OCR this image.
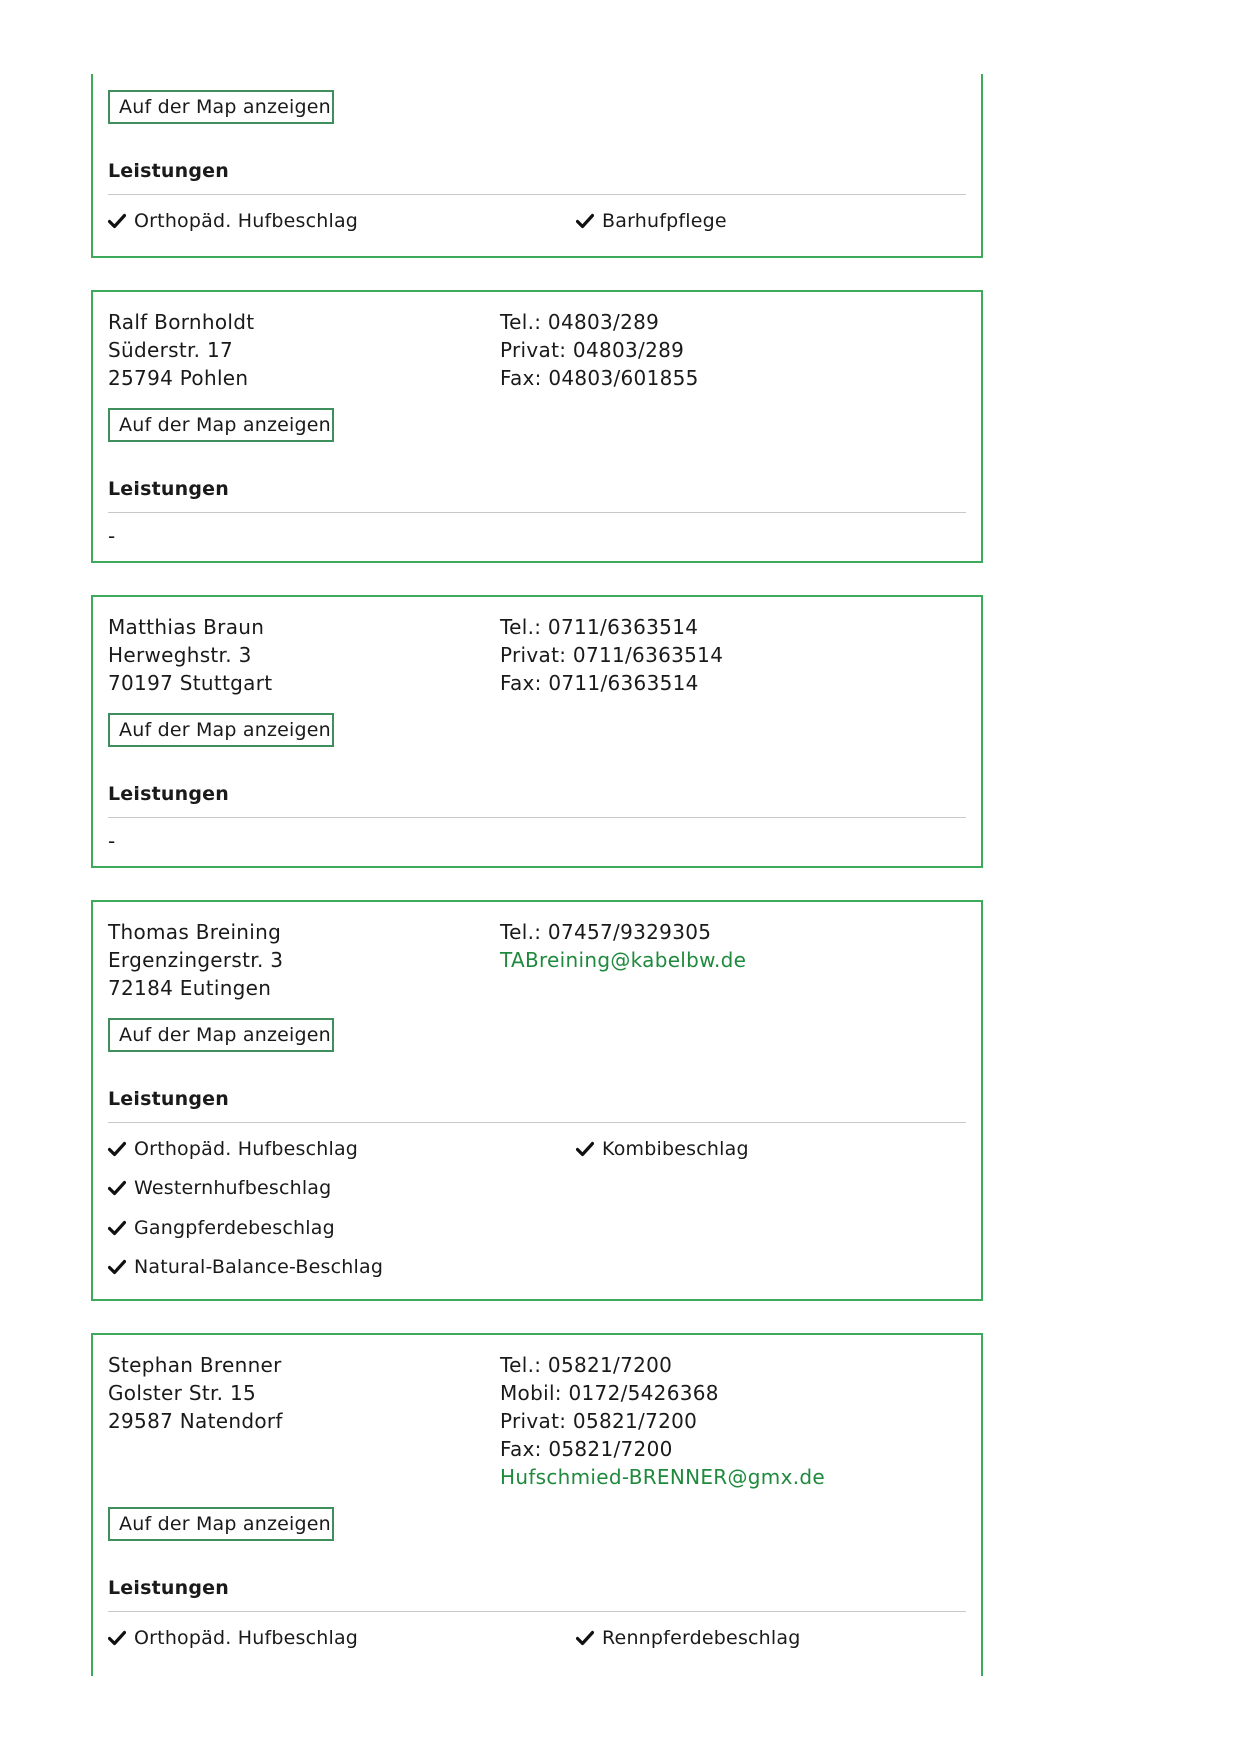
Auf der Map anzeigen
Leistungen
Orthopäd. Hufbeschlag	Barhufpflege
Ralf Bornholdt
Süderstr. 17
25794 Pohlen
Tel.: 04803/289
Privat: 04803/289
Fax: 04803/601855
Auf der Map anzeigen
Leistungen
-
Matthias Braun
Herweghstr. 3
70197 Stuttgart
Tel.: 0711/6363514
Privat: 0711/6363514
Fax: 0711/6363514
Auf der Map anzeigen
Leistungen
-
Thomas Breining
Ergenzingerstr. 3
72184 Eutingen
Tel.: 07457/9329305
TABreining@kabelbw.de
Auf der Map anzeigen
Leistungen
Orthopäd. Hufbeschlag	Kombibeschlag
Westernhufbeschlag
Gangpferdebeschlag
Natural-Balance-Beschlag
Stephan Brenner
Golster Str. 15
29587 Natendorf
Tel.: 05821/7200
Mobil: 0172/5426368
Privat: 05821/7200
Fax: 05821/7200
Hufschmied-BRENNER@gmx.de
Auf der Map anzeigen
Leistungen
Orthopäd. Hufbeschlag	Rennpferdebeschlag
